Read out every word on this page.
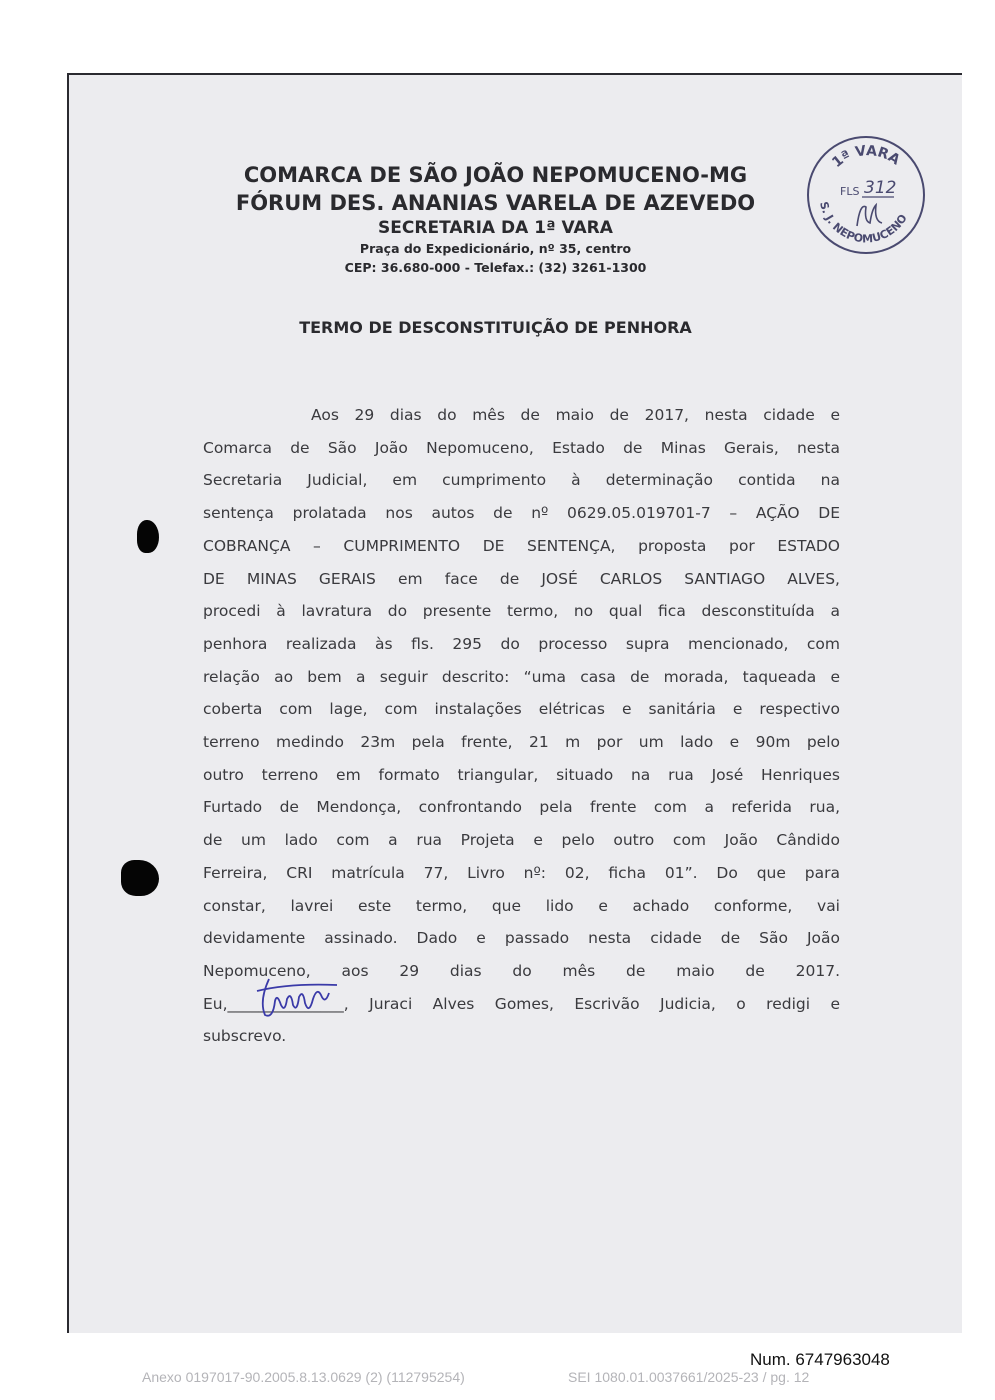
COMARCA DE SÃO JOÃO NEPOMUCENO-MG
FÓRUM DES. ANANIAS VARELA DE AZEVEDO
SECRETARIA DA 1ª VARA
Praça do Expedicionário, nº 35, centro
CEP: 36.680-000 - Telefax.: (32) 3261-1300
1ª VARA
S. J. NEPOMUCENO
FLS 312
TERMO DE DESCONSTITUIÇÃO DE PENHORA
Aos 29 dias do mês de maio de 2017, nesta cidade e
Comarca de São João Nepomuceno, Estado de Minas Gerais, nesta
Secretaria Judicial, em cumprimento à determinação contida na
sentença prolatada nos autos de nº 0629.05.019701-7 – AÇÃO DE
COBRANÇA – CUMPRIMENTO DE SENTENÇA, proposta por ESTADO
DE MINAS GERAIS em face de JOSÉ CARLOS SANTIAGO ALVES,
procedi à lavratura do presente termo, no qual fica desconstituída a
penhora realizada às fls. 295 do processo supra mencionado, com
relação ao bem a seguir descrito: “uma casa de morada, taqueada e
coberta com lage, com instalações elétricas e sanitária e respectivo
terreno medindo 23m pela frente, 21 m por um lado e 90m pelo
outro terreno em formato triangular, situado na rua José Henriques
Furtado de Mendonça, confrontando pela frente com a referida rua,
de um lado com a rua Projeta e pelo outro com João Cândido
Ferreira, CRI matrícula 77, Livro nº: 02, ficha 01”. Do que para
constar, lavrei este termo, que lido e achado conforme, vai
devidamente assinado. Dado e passado nesta cidade de São João
Nepomuceno, aos 29 dias do mês de maio de 2017.
Eu,_______________, Juraci Alves Gomes, Escrivão Judicia, o redigi e
subscrevo.
Num. 6747963048
Anexo 0197017-90.2005.8.13.0629 (2) (112795254)	SEI 1080.01.0037661/2025-23 / pg. 12
